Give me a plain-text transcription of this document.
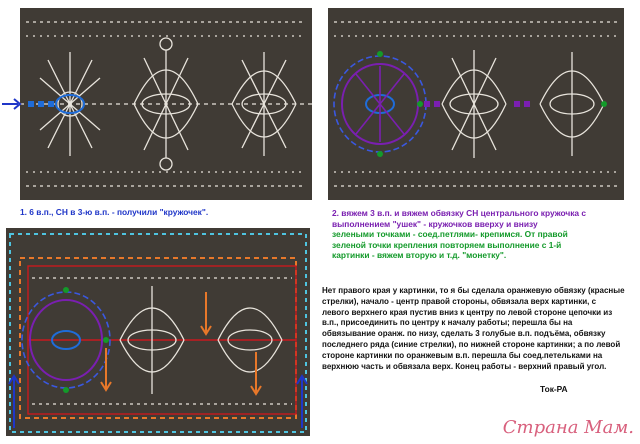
1. 6 в.п., СН в 3-ю в.п. - получили "кружочек".	2. вяжем 3 в.п. и вяжем обвязку СН центрального кружочка с
выполнением "ушек" - кружочков вверху и внизу
зелеными точками - соед.петлями- крепимся. От правой
зеленой точки крепления повторяем выполнение с 1-й
картинки - вяжем вторую и т.д. "монетку".
Нет правого края у картинки, то я бы сделала оранжевую обвязку (красные
стрелки), начало - центр правой стороны, обвязала верх картинки, с
левого верхнего края пустив вниз к центру по левой стороне цепочки из
в.п., присоединить по центру к началу работы; перешла бы на
обвязывание оранж. по низу, сделать 3 голубые в.п. подъёма, обвязку
последнего ряда (синие стрелки), по нижней стороне картинки; а по левой
стороне картинки по оранжевым в.п. перешла бы соед.петельками на
верхнюю часть и обвязала верх. Конец работы - верхний правый угол.
Ток-РА
Страна Мам.
